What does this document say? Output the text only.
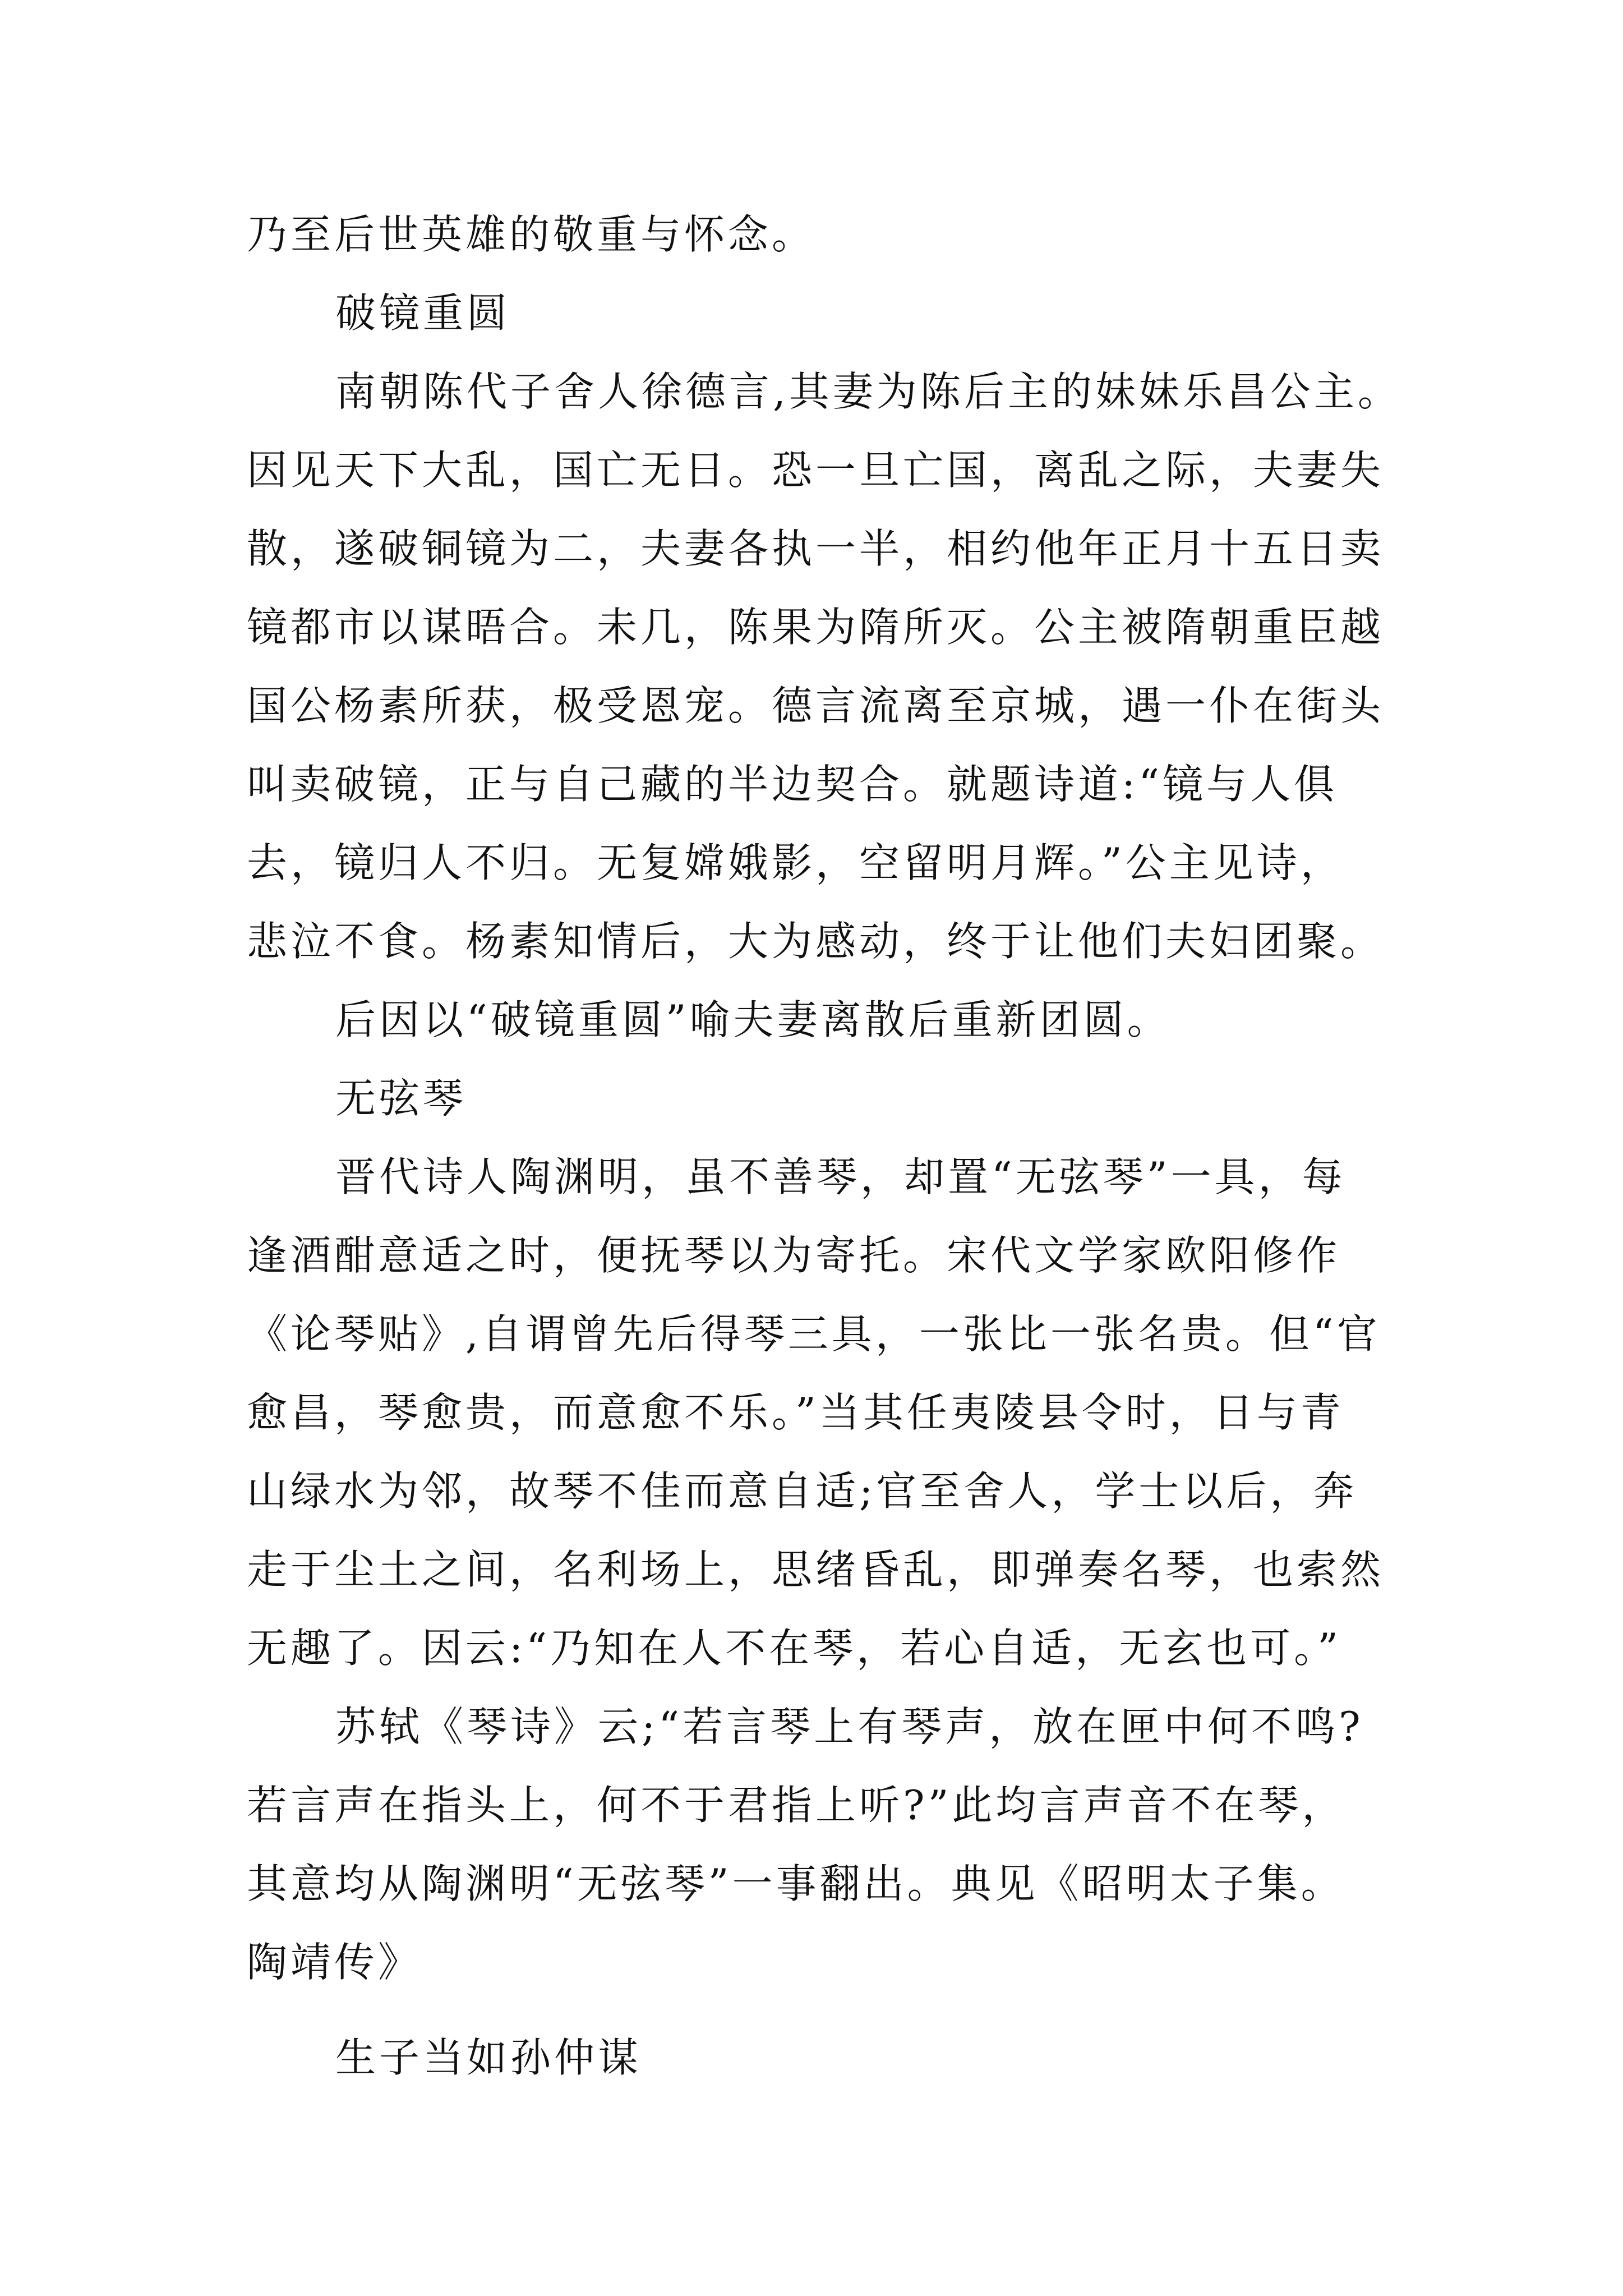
乃至后世英雄的敬重与怀念。
破镜重圆
南朝陈代子舍人徐德言,其妻为陈后主的妹妹乐昌公主。
因见天下大乱，国亡无日。恐一旦亡国，离乱之际，夫妻失
散，遂破铜镜为二，夫妻各执一半，相约他年正月十五日卖
镜都市以谋晤合。未几，陈果为隋所灭。公主被隋朝重臣越
国公杨素所获，极受恩宠。德言流离至京城，遇一仆在街头
叫卖破镜，正与自己藏的半边契合。就题诗道:“镜与人俱
去，镜归人不归。无复嫦娥影，空留明月辉。”公主见诗，
悲泣不食。杨素知情后，大为感动，终于让他们夫妇团聚。
后因以“破镜重圆”喻夫妻离散后重新团圆。
无弦琴
晋代诗人陶渊明，虽不善琴，却置“无弦琴”一具，每
逢酒酣意适之时，便抚琴以为寄托。宋代文学家欧阳修作
《论琴贴》,自谓曾先后得琴三具，一张比一张名贵。但“官
愈昌，琴愈贵，而意愈不乐。”当其任夷陵县令时，日与青
山绿水为邻，故琴不佳而意自适;官至舍人，学士以后，奔
走于尘土之间，名利场上，思绪昏乱，即弹奏名琴，也索然
无趣了。因云:“乃知在人不在琴，若心自适，无玄也可。”
苏轼《琴诗》云;“若言琴上有琴声，放在匣中何不鸣?
若言声在指头上，何不于君指上听?”此均言声音不在琴，
其意均从陶渊明“无弦琴”一事翻出。典见《昭明太子集。
陶靖传》
生子当如孙仲谋
